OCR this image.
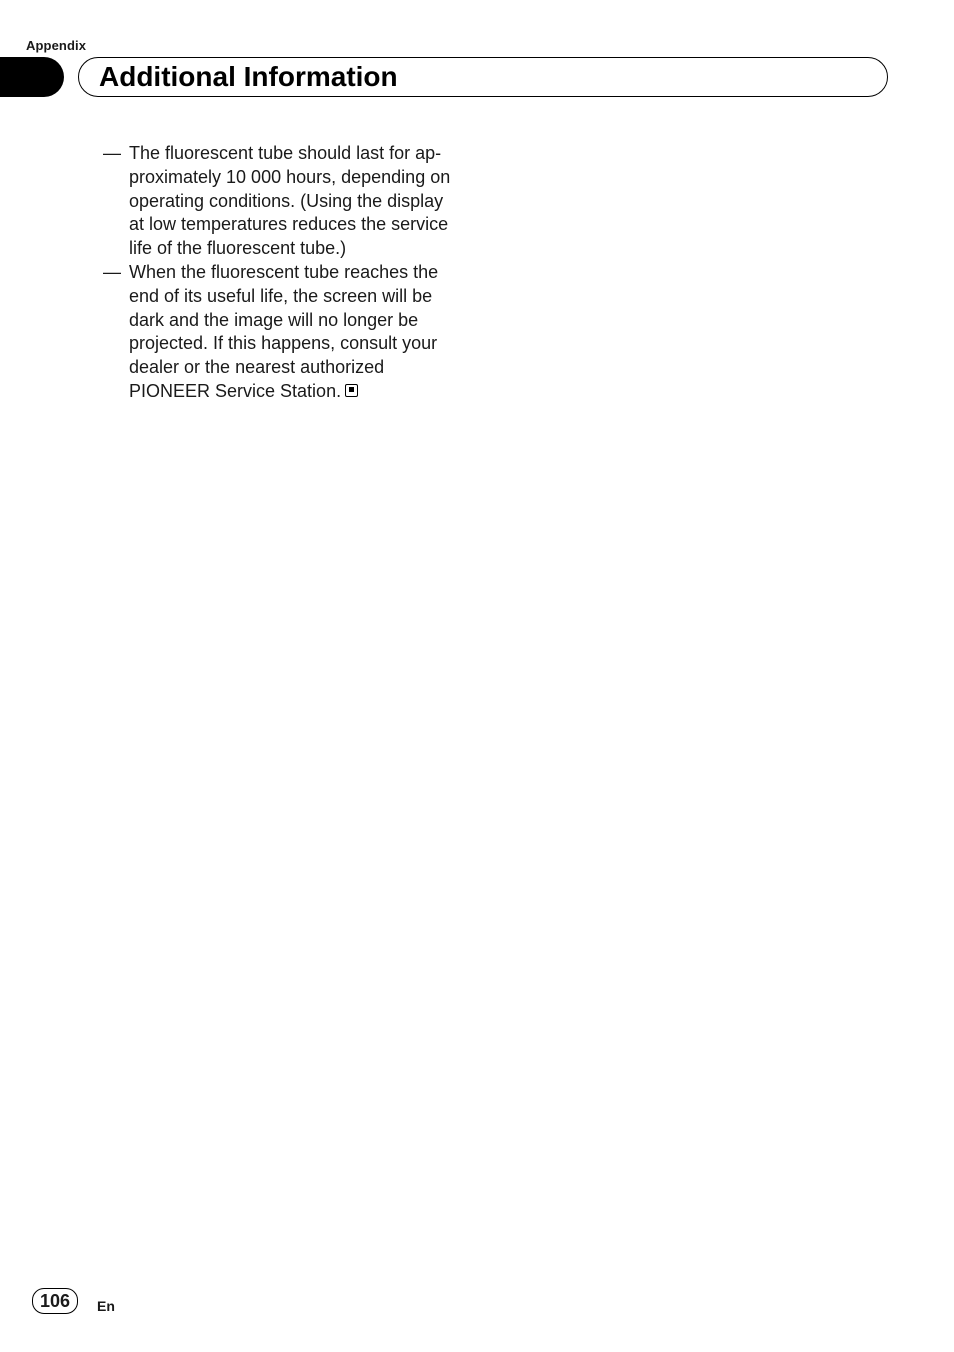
Appendix
Additional Information
— The fluorescent tube should last for ap-
proximately 10 000 hours, depending on
operating conditions. (Using the display
at low temperatures reduces the service
life of the fluorescent tube.)
— When the fluorescent tube reaches the
end of its useful life, the screen will be
dark and the image will no longer be
projected. If this happens, consult your
dealer or the nearest authorized
PIONEER Service Station.
106	En
